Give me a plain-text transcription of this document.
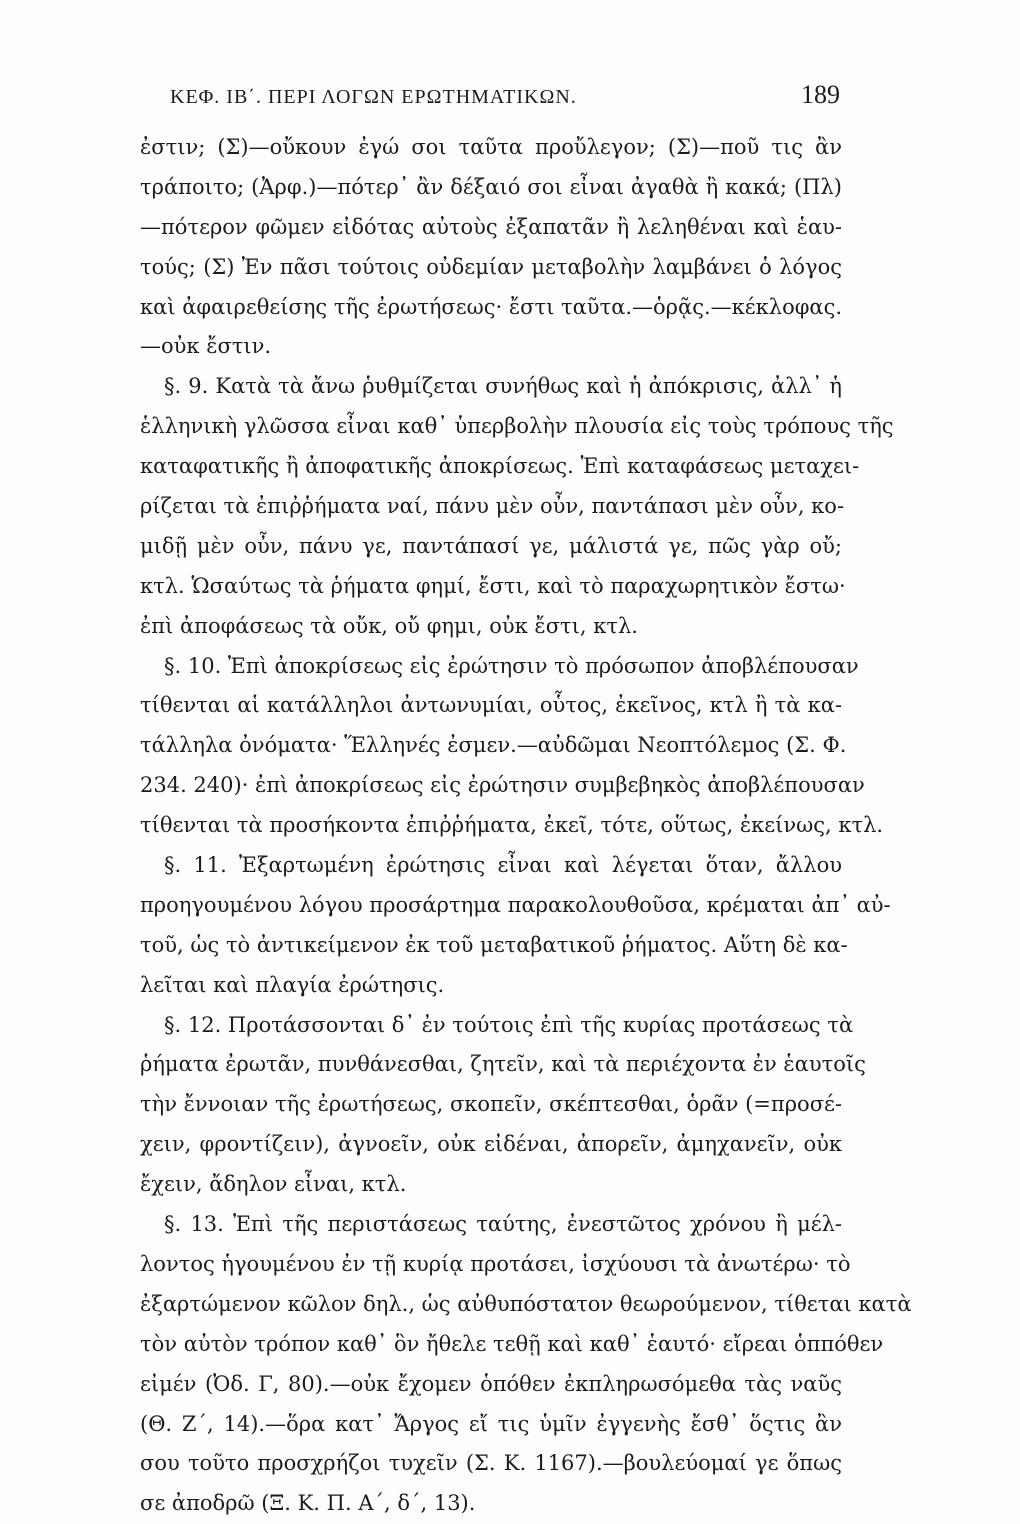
ΚΕΦ. ΙΒ΄. ΠΕΡΙ ΛΟΓΩΝ ΕΡΩΤΗΜΑΤΙΚΩΝ.	189
ἐστιν; (Σ)—οὔκουν ἐγώ σοι ταῦτα προὔλεγον; (Σ)—ποῦ τις ἂν
τράποιτο; (Ἀρφ.)—πότερ᾽ ἂν δέξαιό σοι εἶναι ἀγαθὰ ἢ κακά; (Πλ)
—πότερον φῶμεν εἰδότας αὐτοὺς ἐξαπατᾶν ἢ λεληθέναι καὶ ἑαυ-
τούς; (Σ) Ἐν πᾶσι τούτοις οὐδεμίαν μεταβολὴν λαμβάνει ὁ λόγος
καὶ ἀφαιρεθείσης τῆς ἐρωτήσεως· ἔστι ταῦτα.—ὁρᾷς.—κέκλοφας.
—οὐκ ἔστιν.
§. 9. Κατὰ τὰ ἄνω ῥυθμίζεται συνήθως καὶ ἡ ἀπόκρισις, ἀλλ᾽ ἡ
ἑλληνικὴ γλῶσσα εἶναι καθ᾽ ὑπερβολὴν πλουσία εἰς τοὺς τρόπους τῆς
καταφατικῆς ἢ ἀποφατικῆς ἀποκρίσεως. Ἐπὶ καταφάσεως μεταχει-
ρίζεται τὰ ἐπιῤῥήματα ναί, πάνυ μὲν οὖν, παντάπασι μὲν οὖν, κο-
μιδῇ μὲν οὖν, πάνυ γε, παντάπασί γε, μάλιστά γε, πῶς γὰρ οὔ;
κτλ. Ὡσαύτως τὰ ῥήματα φημί, ἔστι, καὶ τὸ παραχωρητικὸν ἔστω·
ἐπὶ ἀποφάσεως τὰ οὔκ, οὔ φημι, οὐκ ἔστι, κτλ.
§. 10. Ἐπὶ ἀποκρίσεως εἰς ἐρώτησιν τὸ πρόσωπον ἀποβλέπουσαν
τίθενται αἱ κατάλληλοι ἀντωνυμίαι, οὗτος, ἐκεῖνος, κτλ ἢ τὰ κα-
τάλληλα ὀνόματα· Ἕλληνές ἐσμεν.—αὐδῶμαι Νεοπτόλεμος (Σ. Φ.
234. 240)· ἐπὶ ἀποκρίσεως εἰς ἐρώτησιν συμβεβηκὸς ἀποβλέπουσαν
τίθενται τὰ προσήκοντα ἐπιῤῥήματα, ἐκεῖ, τότε, οὕτως, ἐκείνως, κτλ.
§. 11. Ἐξαρτωμένη ἐρώτησις εἶναι καὶ λέγεται ὅταν, ἄλλου
προηγουμένου λόγου προσάρτημα παρακολουθοῦσα, κρέμαται ἀπ᾽ αὐ-
τοῦ, ὡς τὸ ἀντικείμενον ἐκ τοῦ μεταβατικοῦ ῥήματος. Αὕτη δὲ κα-
λεῖται καὶ πλαγία ἐρώτησις.
§. 12. Προτάσσονται δ᾽ ἐν τούτοις ἐπὶ τῆς κυρίας προτάσεως τὰ
ῥήματα ἐρωτᾶν, πυνθάνεσθαι, ζητεῖν, καὶ τὰ περιέχοντα ἐν ἑαυτοῖς
τὴν ἔννοιαν τῆς ἐρωτήσεως, σκοπεῖν, σκέπτεσθαι, ὁρᾶν (=προσέ-
χειν, φροντίζειν), ἀγνοεῖν, οὐκ εἰδέναι, ἀπορεῖν, ἀμηχανεῖν, οὐκ
ἔχειν, ἄδηλον εἶναι, κτλ.
§. 13. Ἐπὶ τῆς περιστάσεως ταύτης, ἐνεστῶτος χρόνου ἢ μέλ-
λοντος ἡγουμένου ἐν τῇ κυρίᾳ προτάσει, ἰσχύουσι τὰ ἀνωτέρω· τὸ
ἐξαρτώμενον κῶλον δηλ., ὡς αὐθυπόστατον θεωρούμενον, τίθεται κατὰ
τὸν αὐτὸν τρόπον καθ᾽ ὃν ἤθελε τεθῇ καὶ καθ᾽ ἑαυτό· εἴρεαι ὁππόθεν
εἰμέν (Ὀδ. Γ, 80).—οὐκ ἔχομεν ὁπόθεν ἐκπληρωσόμεθα τὰς ναῦς
(Θ. Ζ΄, 14).—ὅρα κατ᾽ Ἄργος εἴ τις ὑμῖν ἐγγενὴς ἔσθ᾽ ὅςτις ἂν
σου τοῦτο προσχρήζοι τυχεῖν (Σ. Κ. 1167).—βουλεύομαί γε ὅπως
σε ἀποδρῶ (Ξ. Κ. Π. Α΄, δ΄, 13).
